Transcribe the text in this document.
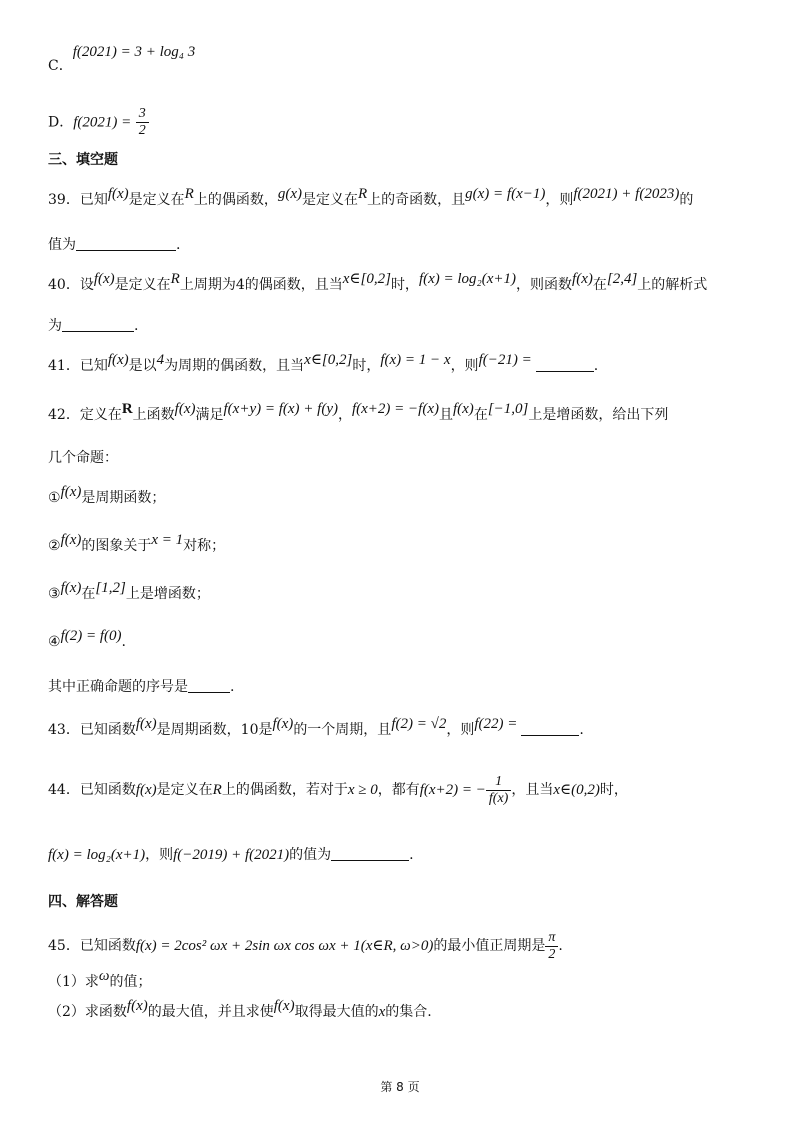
C．f(2021) = 3 + log₄ 3
D．$f(2021) = \frac{3}{2}$
三、填空题
39．已知f(x)是定义在R上的偶函数，g(x)是定义在R上的奇函数，且g(x) = f(x−1)，则f(2021) + f(2023)的
值为	.
40．设f(x)是定义在R上周期为4的偶函数，且当x∈[0,2]时，f(x) = log₂(x+1)，则函数f(x)在[2,4]上的解析式
为	.
41．已知f(x)是以4为周期的偶函数，且当x∈[0,2]时，f(x) = 1 − x，则f(−21) =	.
42．定义在R上函数f(x)满足f(x+y) = f(x) + f(y)，f(x+2) = −f(x)且f(x)在[−1,0]上是增函数，给出下列
几个命题：
①f(x)是周期函数；
②f(x)的图象关于x = 1对称；
③f(x)在[1,2]上是增函数；
④f(2) = f(0).
其中正确命题的序号是	.
43．已知函数f(x)是周期函数，10是f(x)的一个周期，且f(2) = √2，则f(22) =	.
44．已知函数f(x)是定义在R上的偶函数，若对于x ≥ 0，都有f(x+2) = − $\frac{1}{f(x)}$ ，且当x∈(0,2)时，
f(x) = log₂(x+1)，则f(−2019) + f(2021)的值为	.
四、解答题
45．已知函数f(x) = 2cos² ωx + 2sin ωx cos ωx + 1(x∈R, ω>0)的最小值正周期是 $\frac{\pi}{2}$ .
（1）求ω的值；
（2）求函数f(x)的最大值，并且求使f(x)取得最大值的x的集合.
第 8 页
